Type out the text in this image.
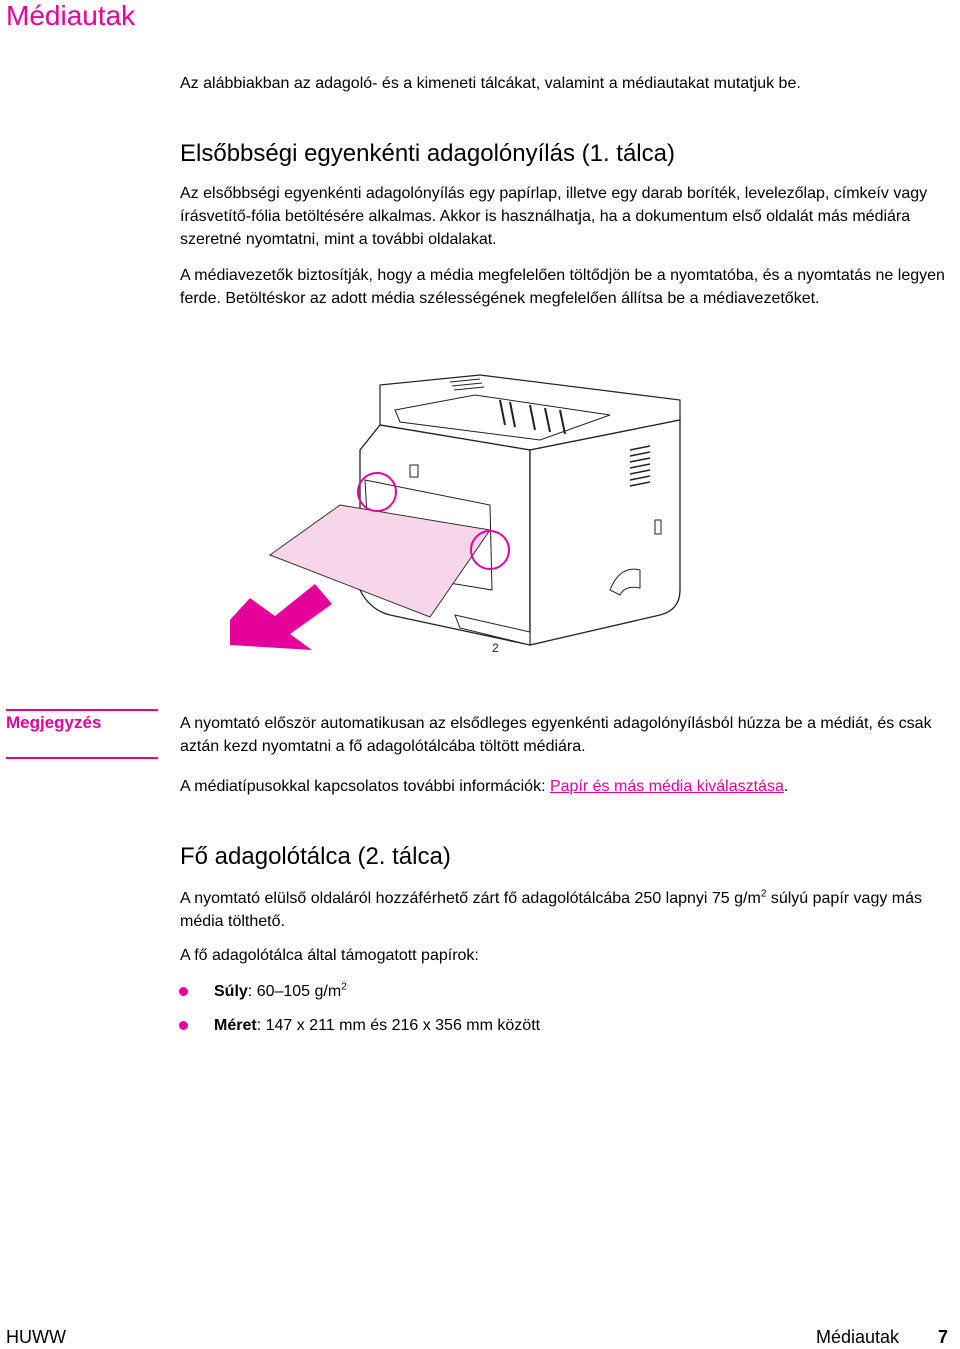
Médiautak

Az alábbiakban az adagoló- és a kimeneti tálcákat, valamint a médiautakat mutatjuk be.

Elsőbbségi egyenkénti adagolónyílás (1. tálca)

Az elsőbbségi egyenkénti adagolónyílás egy papírlap, illetve egy darab boríték, levelezőlap, címkeív vagy írásvetítő-fólia betöltésére alkalmas. Akkor is használhatja, ha a dokumentum első oldalát más médiára szeretné nyomtatni, mint a további oldalakat.

A médiavezetők biztosítják, hogy a média megfelelően töltődjön be a nyomtatóba, és a nyomtatás ne legyen ferde. Betöltéskor az adott média szélességének megfelelően állítsa be a médiavezetőket.

2

Megjegyzés	A nyomtató először automatikusan az elsődleges egyenkénti adagolónyílásból húzza be a médiát, és csak aztán kezd nyomtatni a fő adagolótálcába töltött médiára.

A médiatípusokkal kapcsolatos további információk: Papír és más média kiválasztása.

Fő adagolótálca (2. tálca)

A nyomtató elülső oldaláról hozzáférhető zárt fő adagolótálcába 250 lapnyi 75 $g/m^2$ súlyú papír vagy más média tölthető.

A fő adagolótálca által támogatott papírok:

Súly: 60–105 $g/m^2$

Méret: 147 x 211 mm és 216 x 356 mm között

HUWW	Médiautak 7
